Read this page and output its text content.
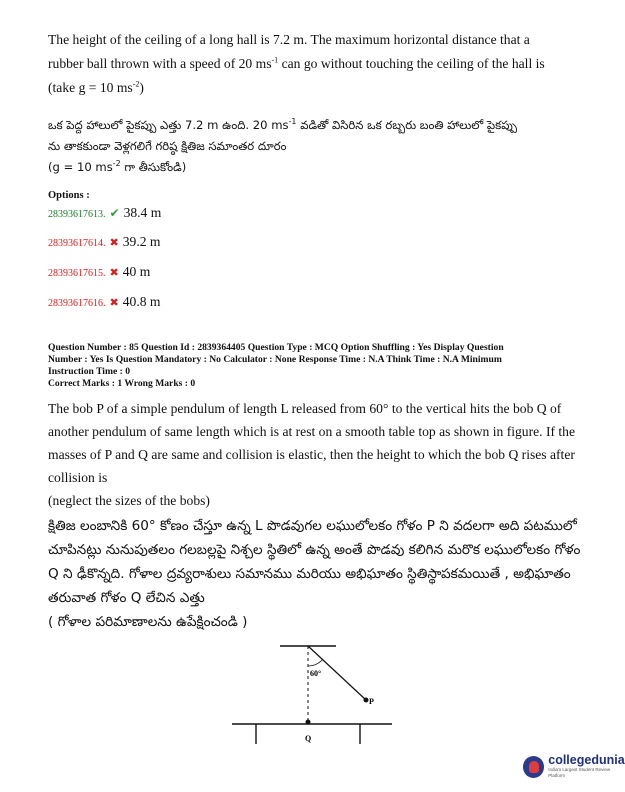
The height of the ceiling of a long hall is 7.2 m. The maximum horizontal distance that a
rubber ball thrown with a speed of 20 $ms^{-1}$ can go without touching the ceiling of the hall is
(take g = 10 $ms^{-2}$)
ఒక పెద్ద హాలులో పైకప్పు ఎత్తు 7.2 m ఉంది. 20 $ms^{-1}$ వడితో విసిరిన ఒక రబ్బరు బంతి హాలులో పైకప్పు
ను తాకకుండా వెళ్లగలిగే గరిష్ఠ క్షితిజ సమాంతర దూరం
(g = 10 $ms^{-2}$ గా తీసుకోండి)
Options :
28393617613. ✔ 38.4 m
28393617614. ✖ 39.2 m
28393617615. ✖ 40 m
28393617616. ✖ 40.8 m
Question Number : 85 Question Id : 2839364405 Question Type : MCQ Option Shuffling : Yes Display Question
Number : Yes Is Question Mandatory : No Calculator : None Response Time : N.A Think Time : N.A Minimum
Instruction Time : 0
Correct Marks : 1 Wrong Marks : 0
The bob P of a simple pendulum of length L released from 60° to the vertical hits the bob Q of
another pendulum of same length which is at rest on a smooth table top as shown in figure. If the
masses of P and Q are same and collision is elastic, then the height to which the bob Q rises after
collision is
(neglect the sizes of the bobs)
క్షితిజ లంబానికి 60° కోణం చేస్తూ ఉన్న L పొడవుగల లఘులోలకం గోళం P ని వదలగా అది పటములో
చూపినట్లు నునుపుతలం గలబల్లపై నిశ్చల స్థితిలో ఉన్న అంతే పొడవు కలిగిన మరొక లఘులోలకం గోళం
Q ని ఢీకొన్నది. గోళాల ద్రవ్యరాశులు సమానము మరియు అభిఘాతం స్థితిస్థాపకమయితే , అభిఘాతం
తరువాత గోళం Q లేచిన ఎత్తు
( గోళాల పరిమాణాలను ఉపేక్షించండి )
60°
P
Q
collegedunia
India's Largest Student Review Platform
